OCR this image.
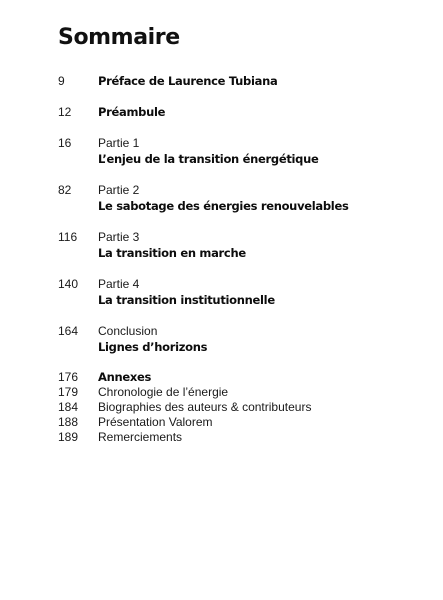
Sommaire
9	Préface de Laurence Tubiana
12 Préambule
16 Partie 1
L’enjeu de la transition énergétique
82 Partie 2
Le sabotage des énergies renouvelables
116 Partie 3
La transition en marche
140 Partie 4
La transition institutionnelle
164 Conclusion
Lignes d’horizons
176 Annexes
179 Chronologie de l’énergie
184 Biographies des auteurs & contributeurs
188 Présentation Valorem
189 Remerciements
